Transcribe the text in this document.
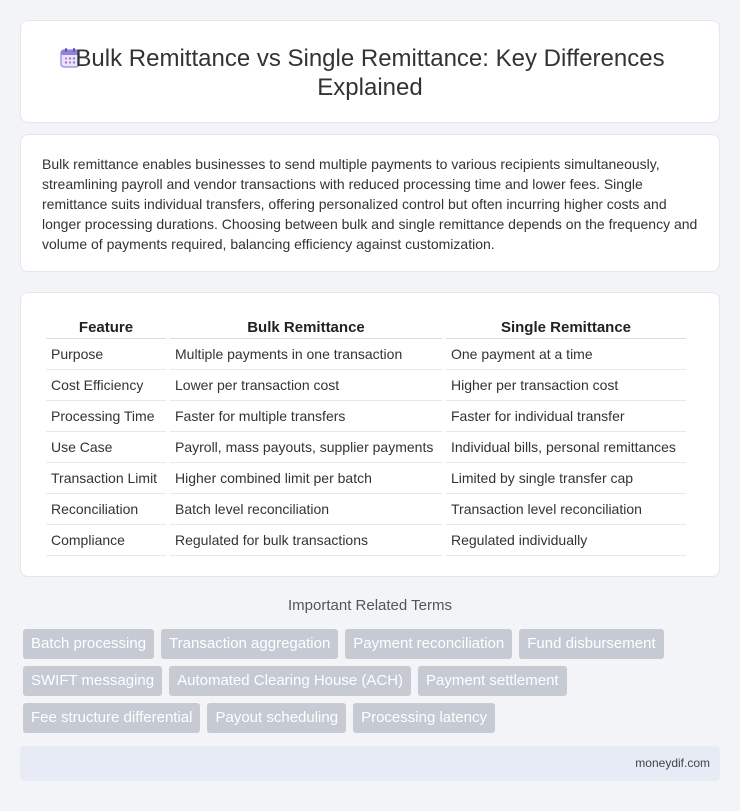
Bulk Remittance vs Single Remittance: Key Differences Explained

Bulk remittance enables businesses to send multiple payments to various recipients simultaneously, streamlining payroll and vendor transactions with reduced processing time and lower fees. Single remittance suits individual transfers, offering personalized control but often incurring higher costs and longer processing durations. Choosing between bulk and single remittance depends on the frequency and volume of payments required, balancing efficiency against customization.

Feature	Bulk Remittance	Single Remittance
Purpose	Multiple payments in one transaction	One payment at a time
Cost Efficiency	Lower per transaction cost	Higher per transaction cost
Processing Time	Faster for multiple transfers	Faster for individual transfer
Use Case	Payroll, mass payouts, supplier payments	Individual bills, personal remittances
Transaction Limit	Higher combined limit per batch	Limited by single transfer cap
Reconciliation	Batch level reconciliation	Transaction level reconciliation
Compliance	Regulated for bulk transactions	Regulated individually
Important Related Terms
Batch processing	Transaction aggregation	Payment reconciliation	Fund disbursement
SWIFT messaging	Automated Clearing House (ACH)	Payment settlement
Fee structure differential	Payout scheduling	Processing latency
moneydif.com
